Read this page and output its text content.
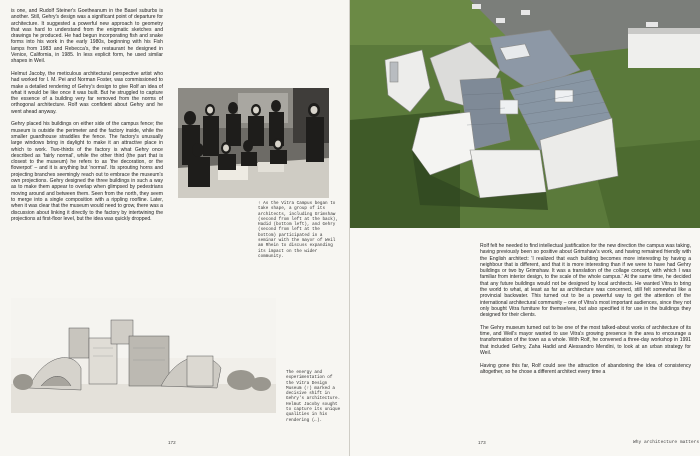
is one, and Rudolf Steiner's Goetheanum in the Basel suburbs is another. Still, Gehry's design was a significant point of departure for architecture. It suggested a powerful new approach to geometry that was hard to understand from the enigmatic sketches and drawings he produced. He had begun incorporating fish and snake forms into his work in the early 1980s, beginning with his Fish lamps from 1983 and Rebecca's, the restaurant he designed in Venice, California, in 1985. In less explicit form, he used similar shapes in Weil.

Helmut Jacoby, the meticulous architectural perspective artist who had worked for I. M. Pei and Norman Foster, was commissioned to make a detailed rendering of Gehry's design to give Rolf an idea of what it would be like once it was built. But he struggled to capture the essence of a building very far removed from the norms of orthogonal architecture. Rolf was confident about Gehry and he went ahead anyway.

Gehry placed his buildings on either side of the campus fence; the museum is outside the perimeter and the factory inside, while the smaller guardhouse straddles the fence. The factory's unusually large windows bring in daylight to make it an attractive place in which to work. Two-thirds of the factory is what Gehry once described as 'fairly normal', while the other third (the part that is closest to the museum) he refers to as 'the decoration, or the flowerpot' – and it is anything but 'normal'. Its sprouting horns and projecting branches seemingly reach out to embrace the museum's own projections. Gehry designed the three buildings in such a way as to make them appear to overlap when glimpsed by pedestrians moving around and between them. Seen from the north, they seem to merge into a single composition with a rippling roofline. Later, when it was clear that the museum would need to grow, there was a discussion about linking it directly to the factory by intertwining the projections at first-floor level, but the idea was quickly dropped.

↑ As the Vitra Campus began to take shape, a group of its architects, including Grimshaw (second from left at the back), Hadid (bottom left), and Gehry (second from left at the bottom) participated in a seminar with the mayor of Weil am Rhein to discuss expanding its impact on the wider community.
The energy and experimentation of the Vitra Design Museum (↑) marked a decisive shift in Gehry's architecture. Helmut Jacoby sought to capture its unique qualities in his rendering (←).
172

Rolf felt he needed to find intellectual justification for the new direction the campus was taking, having previously been so positive about Grimshaw's work, and having remained friendly with the English architect: 'I realized that each building becomes more interesting by having a neighbour that is different, and that it is more interesting than if we were to have had Gehry buildings or two by Grimshaw. It was a translation of the collage concept, with which I was familiar from interior design, to the scale of the whole campus.' At the same time, he decided that any future buildings would not be designed by local architects. He wanted Vitra to bring the world to what, at least as far as architecture was concerned, still felt somewhat like a provincial backwater. This turned out to be a powerful way to get the attention of the international architectural community – one of Vitra's most important audiences, since they not only bought Vitra furniture for themselves, but also specified it for use in the buildings they designed for their clients.

The Gehry museum turned out to be one of the most talked-about works of architecture of its time, and Weil's mayor wanted to use Vitra's growing presence in the area to encourage a transformation of the town as a whole. With Rolf, he convened a three-day workshop in 1991 that included Gehry, Zaha Hadid and Alessandro Mendini, to look at an urban strategy for Weil.

Having gone this far, Rolf could see the attraction of abandoning the idea of consistency altogether, so he chose a different architect every time a

173	Why architecture matters
